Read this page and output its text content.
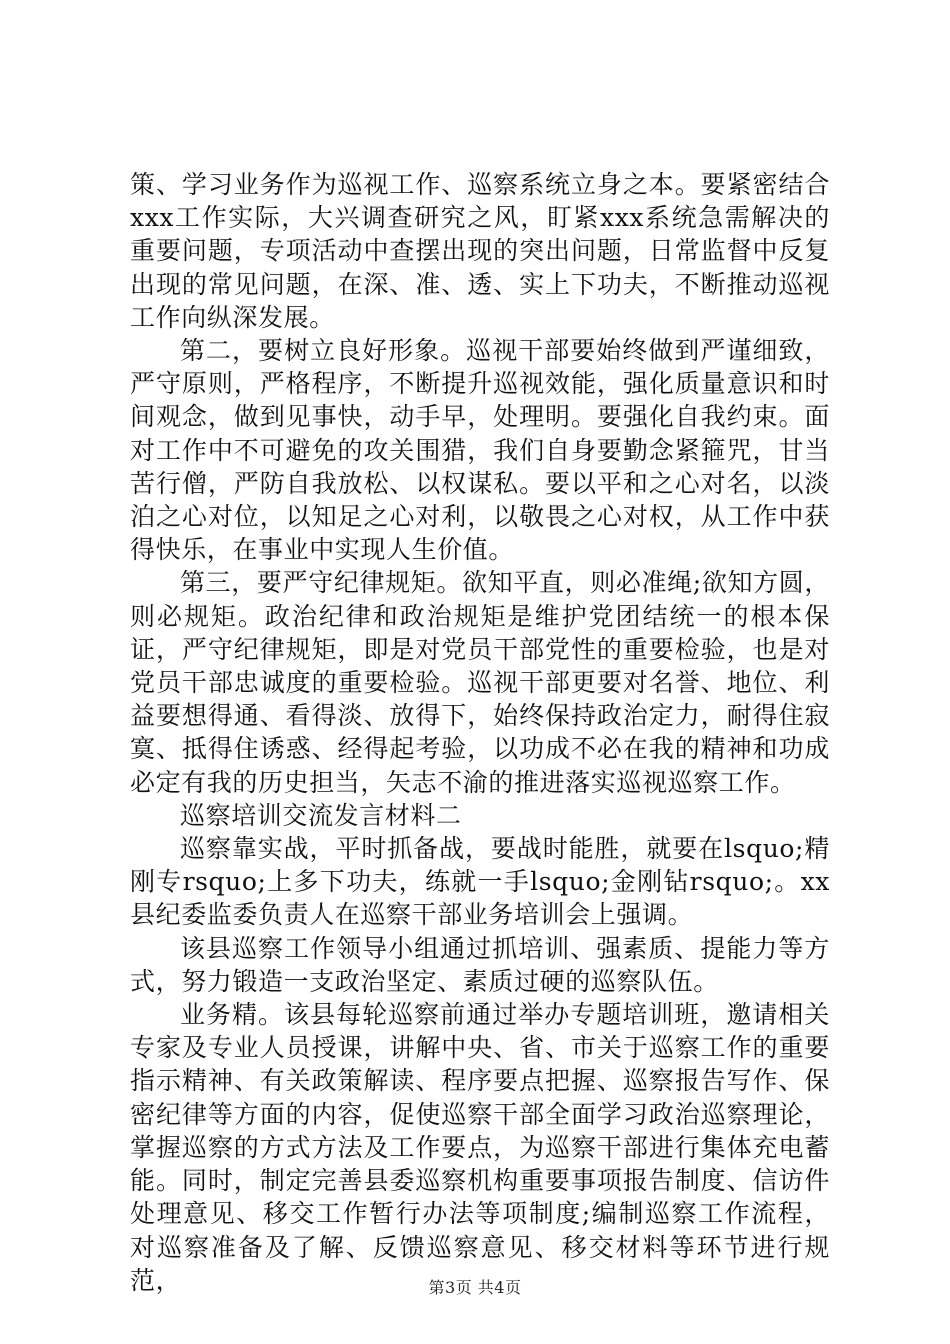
策、学习业务作为巡视工作、巡察系统立身之本。要紧密结合xxx工作实际，大兴调查研究之风，盯紧xxx系统急需解决的重要问题，专项活动中查摆出现的突出问题，日常监督中反复出现的常见问题，在深、准、透、实上下功夫，不断推动巡视工作向纵深发展。

第二，要树立良好形象。巡视干部要始终做到严谨细致，严守原则，严格程序，不断提升巡视效能，强化质量意识和时间观念，做到见事快，动手早，处理明。要强化自我约束。面对工作中不可避免的攻关围猎，我们自身要勤念紧箍咒，甘当苦行僧，严防自我放松、以权谋私。要以平和之心对名，以淡泊之心对位，以知足之心对利，以敬畏之心对权，从工作中获得快乐，在事业中实现人生价值。

第三，要严守纪律规矩。欲知平直，则必准绳;欲知方圆，则必规矩。政治纪律和政治规矩是维护党团结统一的根本保证，严守纪律规矩，即是对党员干部党性的重要检验，也是对党员干部忠诚度的重要检验。巡视干部更要对名誉、地位、利益要想得通、看得淡、放得下，始终保持政治定力，耐得住寂寞、抵得住诱惑、经得起考验，以功成不必在我的精神和功成必定有我的历史担当，矢志不渝的推进落实巡视巡察工作。

巡察培训交流发言材料二

巡察靠实战，平时抓备战，要战时能胜，就要在lsquo;精刚专rsquo;上多下功夫，练就一手lsquo;金刚钻rsquo;。xx县纪委监委负责人在巡察干部业务培训会上强调。

该县巡察工作领导小组通过抓培训、强素质、提能力等方式，努力锻造一支政治坚定、素质过硬的巡察队伍。

业务精。该县每轮巡察前通过举办专题培训班，邀请相关专家及专业人员授课，讲解中央、省、市关于巡察工作的重要指示精神、有关政策解读、程序要点把握、巡察报告写作、保密纪律等方面的内容，促使巡察干部全面学习政治巡察理论，掌握巡察的方式方法及工作要点，为巡察干部进行集体充电蓄能。同时，制定完善县委巡察机构重要事项报告制度、信访件处理意见、移交工作暂行办法等项制度;编制巡察工作流程，对巡察准备及了解、反馈巡察意见、移交材料等环节进行规范，	第3页 共4页
